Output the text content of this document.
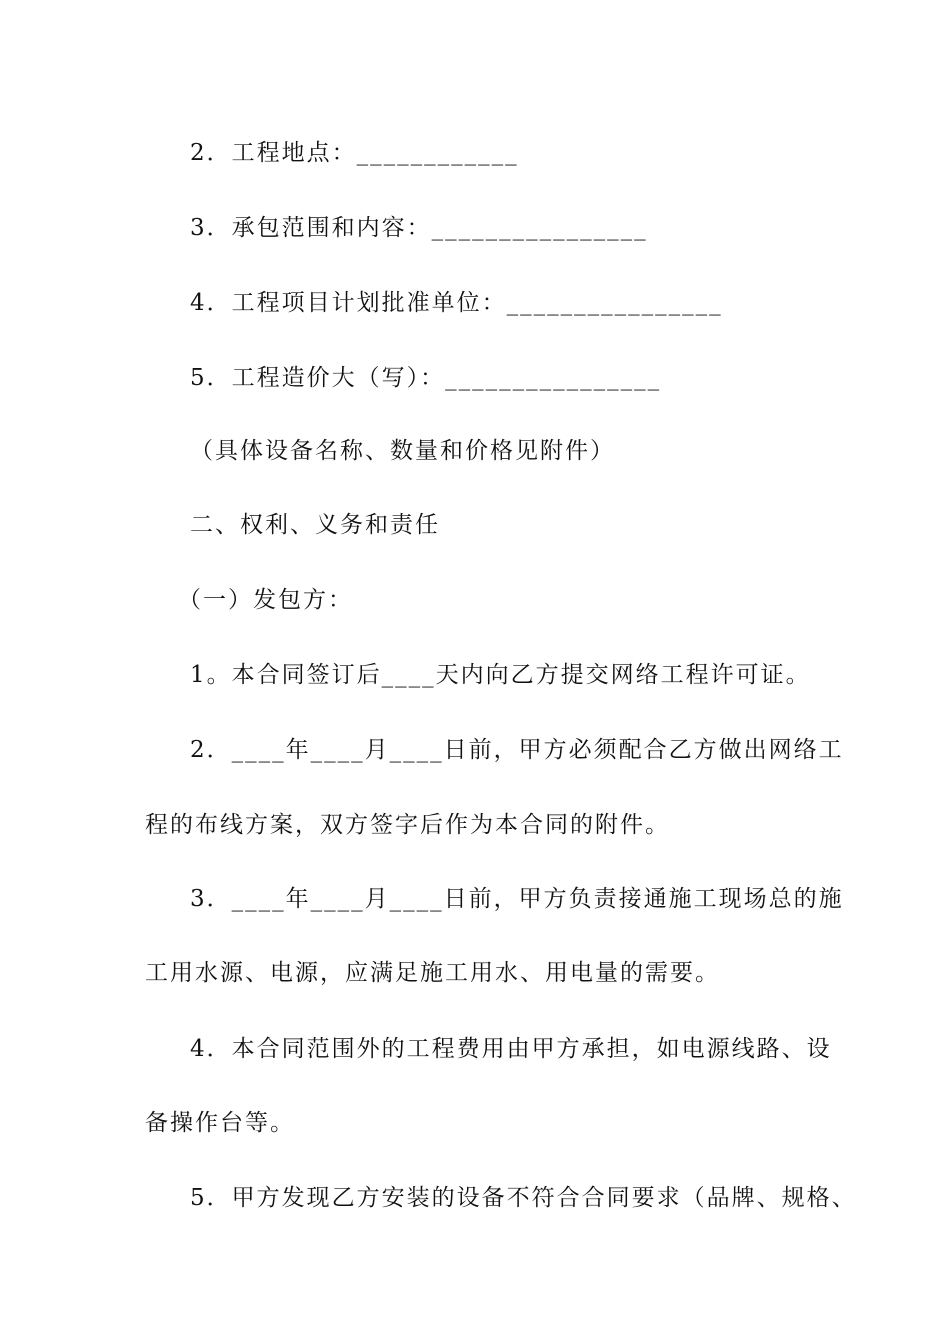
2．工程地点：____________
3．承包范围和内容：________________
4．工程项目计划批准单位：________________
5．工程造价大（写）：________________
（具体设备名称、数量和价格见附件）
二、权利、义务和责任
（一）发包方：
1。本合同签订后____天内向乙方提交网络工程许可证。
2．____年____月____日前，甲方必须配合乙方做出网络工
程的布线方案，双方签字后作为本合同的附件。
3．____年____月____日前，甲方负责接通施工现场总的施
工用水源、电源，应满足施工用水、用电量的需要。
4．本合同范围外的工程费用由甲方承担，如电源线路、设
备操作台等。
5．甲方发现乙方安装的设备不符合合同要求（品牌、规格、
